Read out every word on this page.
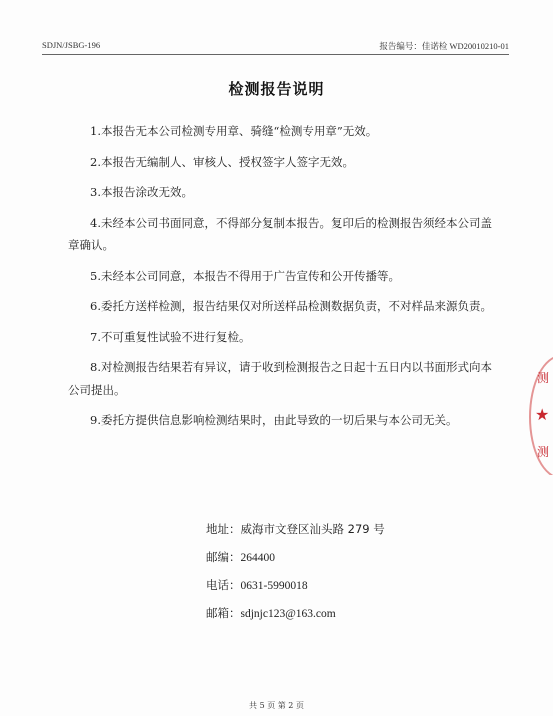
SDJN/JSBG-196	报告编号：佳诺检 WD20010210-01
检测报告说明

1.本报告无本公司检测专用章、骑缝“检测专用章”无效。

2.本报告无编制人、审核人、授权签字人签字无效。

3.本报告涂改无效。

4.未经本公司书面同意，不得部分复制本报告。复印后的检测报告须经本公司盖章确认。

5.未经本公司同意，本报告不得用于广告宣传和公开传播等。

6.委托方送样检测，报告结果仅对所送样品检测数据负责，不对样品来源负责。

7.不可重复性试验不进行复检。

8.对检测报告结果若有异议，请于收到检测报告之日起十五日内以书面形式向本公司提出。

9.委托方提供信息影响检测结果时，由此导致的一切后果与本公司无关。

地址：威海市文登区汕头路 279 号
邮编：264400
电话：0631-5990018
邮箱：sdjnjc123@163.com
测
★
测
共 5 页 第 2 页
